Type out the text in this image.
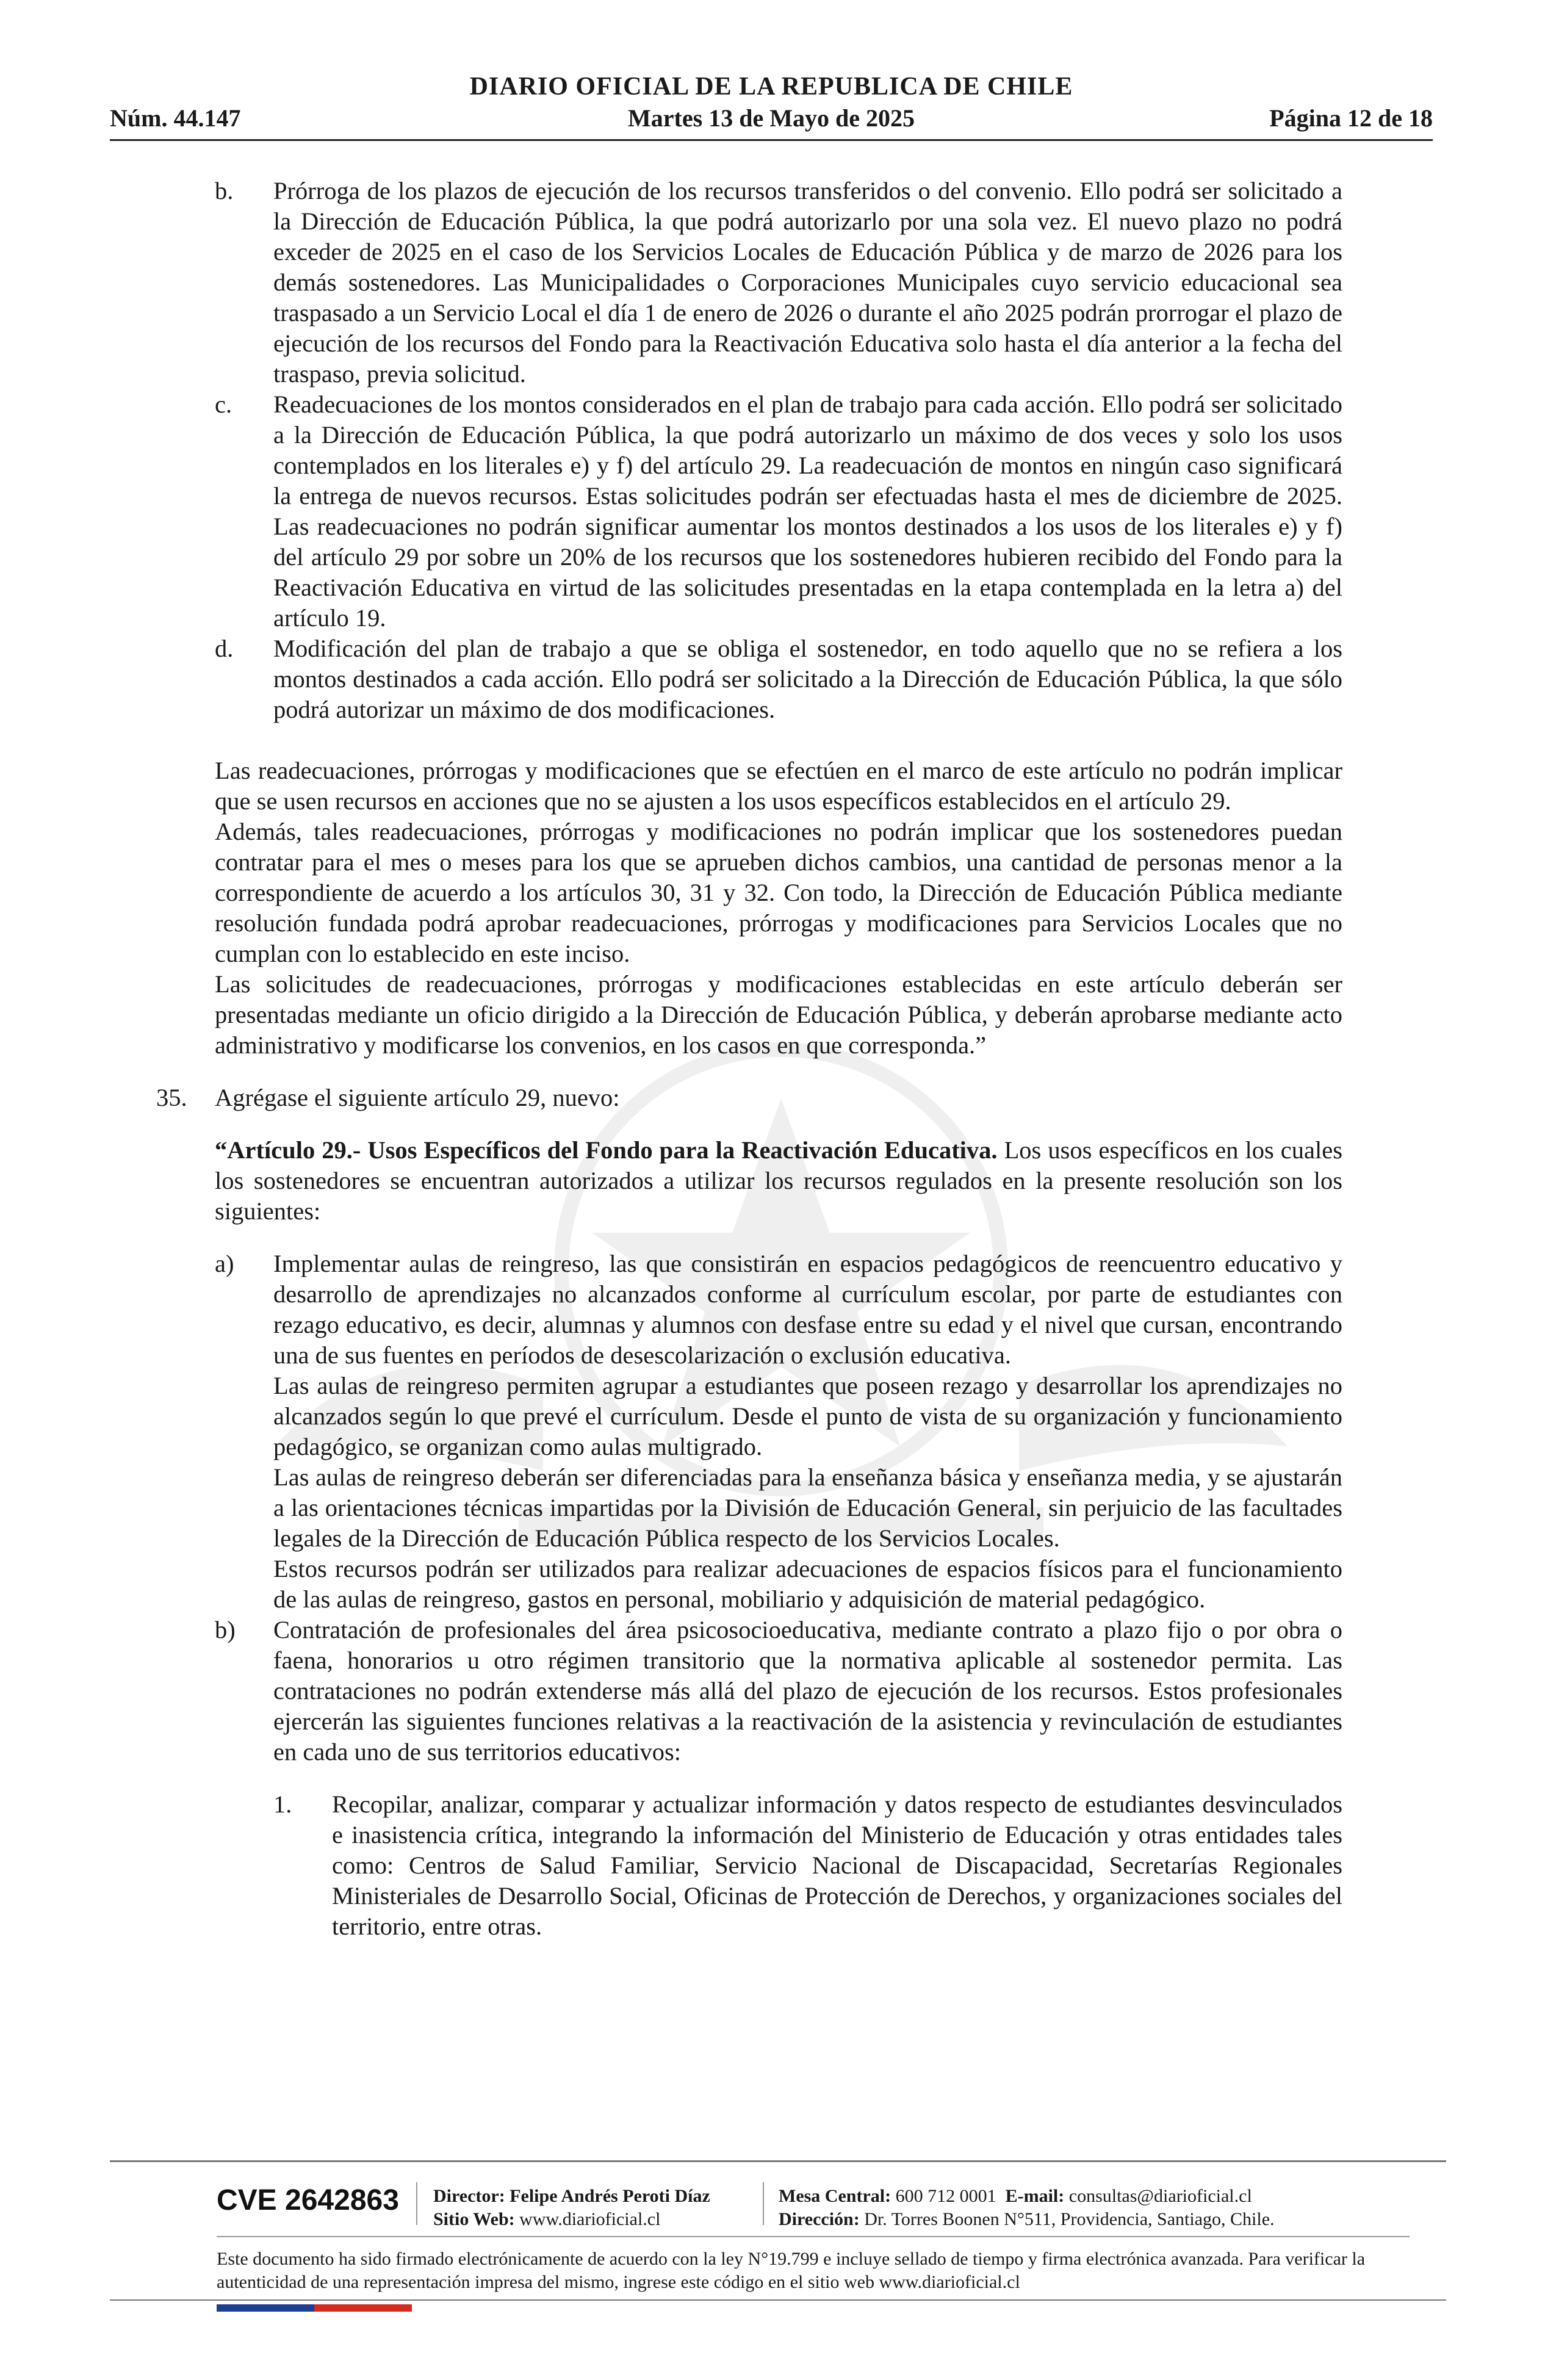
DIARIO OFICIAL DE LA REPUBLICA DE CHILE
Núm. 44.147	Martes 13 de Mayo de 2025	Página 12 de 18
b. Prórroga de los plazos de ejecución de los recursos transferidos o del convenio. Ello podrá ser solicitado a la Dirección de Educación Pública, la que podrá autorizarlo por una sola vez. El nuevo plazo no podrá exceder de 2025 en el caso de los Servicios Locales de Educación Pública y de marzo de 2026 para los demás sostenedores. Las Municipalidades o Corporaciones Municipales cuyo servicio educacional sea traspasado a un Servicio Local el día 1 de enero de 2026 o durante el año 2025 podrán prorrogar el plazo de ejecución de los recursos del Fondo para la Reactivación Educativa solo hasta el día anterior a la fecha del traspaso, previa solicitud.

c. Readecuaciones de los montos considerados en el plan de trabajo para cada acción. Ello podrá ser solicitado a la Dirección de Educación Pública, la que podrá autorizarlo un máximo de dos veces y solo los usos contemplados en los literales e) y f) del artículo 29. La readecuación de montos en ningún caso significará la entrega de nuevos recursos. Estas solicitudes podrán ser efectuadas hasta el mes de diciembre de 2025. Las readecuaciones no podrán significar aumentar los montos destinados a los usos de los literales e) y f) del artículo 29 por sobre un 20% de los recursos que los sostenedores hubieren recibido del Fondo para la Reactivación Educativa en virtud de las solicitudes presentadas en la etapa contemplada en la letra a) del artículo 19.

d. Modificación del plan de trabajo a que se obliga el sostenedor, en todo aquello que no se refiera a los montos destinados a cada acción. Ello podrá ser solicitado a la Dirección de Educación Pública, la que sólo podrá autorizar un máximo de dos modificaciones.

Las readecuaciones, prórrogas y modificaciones que se efectúen en el marco de este artículo no podrán implicar que se usen recursos en acciones que no se ajusten a los usos específicos establecidos en el artículo 29.

Además, tales readecuaciones, prórrogas y modificaciones no podrán implicar que los sostenedores puedan contratar para el mes o meses para los que se aprueben dichos cambios, una cantidad de personas menor a la correspondiente de acuerdo a los artículos 30, 31 y 32. Con todo, la Dirección de Educación Pública mediante resolución fundada podrá aprobar readecuaciones, prórrogas y modificaciones para Servicios Locales que no cumplan con lo establecido en este inciso.

Las solicitudes de readecuaciones, prórrogas y modificaciones establecidas en este artículo deberán ser presentadas mediante un oficio dirigido a la Dirección de Educación Pública, y deberán aprobarse mediante acto administrativo y modificarse los convenios, en los casos en que corresponda.”

35. Agrégase el siguiente artículo 29, nuevo:

“Artículo 29.- Usos Específicos del Fondo para la Reactivación Educativa. Los usos específicos en los cuales los sostenedores se encuentran autorizados a utilizar los recursos regulados en la presente resolución son los siguientes:

a) Implementar aulas de reingreso, las que consistirán en espacios pedagógicos de reencuentro educativo y desarrollo de aprendizajes no alcanzados conforme al currículum escolar, por parte de estudiantes con rezago educativo, es decir, alumnas y alumnos con desfase entre su edad y el nivel que cursan, encontrando una de sus fuentes en períodos de desescolarización o exclusión educativa.

Las aulas de reingreso permiten agrupar a estudiantes que poseen rezago y desarrollar los aprendizajes no alcanzados según lo que prevé el currículum. Desde el punto de vista de su organización y funcionamiento pedagógico, se organizan como aulas multigrado.

Las aulas de reingreso deberán ser diferenciadas para la enseñanza básica y enseñanza media, y se ajustarán a las orientaciones técnicas impartidas por la División de Educación General, sin perjuicio de las facultades legales de la Dirección de Educación Pública respecto de los Servicios Locales.

Estos recursos podrán ser utilizados para realizar adecuaciones de espacios físicos para el funcionamiento de las aulas de reingreso, gastos en personal, mobiliario y adquisición de material pedagógico.

b) Contratación de profesionales del área psicosocioeducativa, mediante contrato a plazo fijo o por obra o faena, honorarios u otro régimen transitorio que la normativa aplicable al sostenedor permita. Las contrataciones no podrán extenderse más allá del plazo de ejecución de los recursos. Estos profesionales ejercerán las siguientes funciones relativas a la reactivación de la asistencia y revinculación de estudiantes en cada uno de sus territorios educativos:

1. Recopilar, analizar, comparar y actualizar información y datos respecto de estudiantes desvinculados e inasistencia crítica, integrando la información del Ministerio de Educación y otras entidades tales como: Centros de Salud Familiar, Servicio Nacional de Discapacidad, Secretarías Regionales Ministeriales de Desarrollo Social, Oficinas de Protección de Derechos, y organizaciones sociales del territorio, entre otras.

CVE 2642863 Director: Felipe Andrés Peroti Díaz
Sitio Web: www.diarioficial.cl
Mesa Central: 600 712 0001 E-mail: consultas@diarioficial.cl
Dirección: Dr. Torres Boonen N°511, Providencia, Santiago, Chile.
Este documento ha sido firmado electrónicamente de acuerdo con la ley N°19.799 e incluye sellado de tiempo y firma electrónica avanzada. Para verificar la autenticidad de una representación impresa del mismo, ingrese este código en el sitio web www.diarioficial.cl
